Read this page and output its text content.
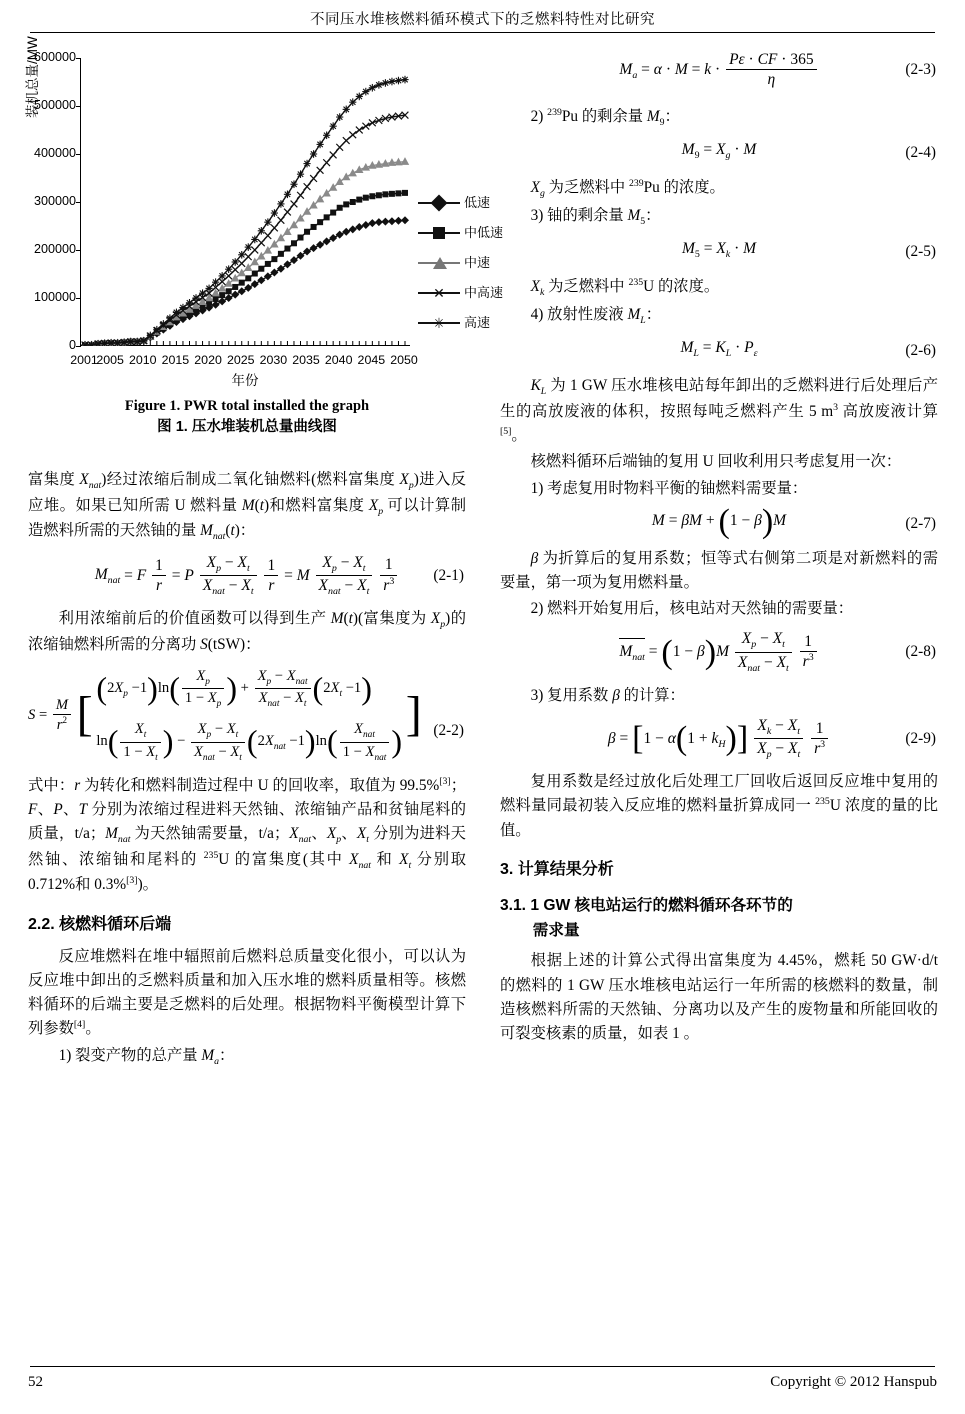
不同压水堆核燃料循环模式下的乏燃料特性对比研究
装机总量/MW
0
100000
200000
300000
400000
500000
600000
2001
2005 2010 2015 2020 2025 2030 2035 2040 2045 2050
年份
低速
中低速
中速
✕ 中高速
✳ 高速
Figure 1. PWR total installed the graph
图 1. 压水堆装机总量曲线图

富集度 $X_{nat}$)经过浓缩后制成二氧化铀燃料(燃料富集度 $X_p$)进入反应堆。如果已知所需 U 燃料量 M(t)和燃料富集度 $X_p$ 可以计算制造燃料所需的天然铀的量 $M_{nat}(t)$：

$M_{nat} = F \frac{1}{r} = P \frac{X_p - X_t}{X_{nat} - X_t}$
$\frac{1}{r} = M \frac{X_p - X_t}{X_{nat} - X_t}$
$\frac{1}{r^3} (2-1)$

利用浓缩前后的价值函数可以得到生产 M(t)(富集度为 $X_p$)的浓缩铀燃料所需的分离功 S(tSW)：

$S = \frac{M}{r^2}$ [
$(2X_p -1)\ln( \frac{X_p}{1 - X_p}$ ) + $\frac{X_p - X_{nat}}{X_{nat} - X_t} (2X_t -1)$
$\ln( \frac{X_t}{1 - X_t}$ ) − $\frac{X_p - X_t}{X_{nat} - X_t} (2X_{nat} -1)\ln( \frac{X_{nat}}{1 - X_{nat}}$ )
] (2-2)

式中：r 为转化和燃料制造过程中 U 的回收率，取值为 99.5%[3]；F、P、T 分别为浓缩过程进料天然铀、浓缩铀产品和贫铀尾料的质量，t/a；$M_{nat}$ 为天然铀需要量，t/a；$X_{nat}$、$X_p$、$X_t$ 分别为进料天然铀、浓缩铀和尾料的 $^{235}$U 的富集度(其中 $X_{nat}$ 和 $X_t$ 分别取 0.712%和 0.3%[3])。

2.2. 核燃料循环后端

反应堆燃料在堆中辐照前后燃料总质量变化很小，可以认为反应堆中卸出的乏燃料质量和加入压水堆的燃料质量相等。核燃料循环的后端主要是乏燃料的后处理。根据物料平衡模型计算下列参数[4]。

1) 裂变产物的总产量 $M_a$：

$M_a = \alpha \cdot M = k \cdot \frac{P\varepsilon \cdot CF \cdot 365}{\eta}$	(2-3)

2) $^{239}$Pu 的剩余量 $M_9$：

$M_9 = X_g \cdot M$	(2-4)

$X_g$ 为乏燃料中 $^{239}$Pu 的浓度。

3) 铀的剩余量 $M_5$：

$M_5 = X_k \cdot M$	(2-5)

$X_k$ 为乏燃料中 $^{235}$U 的浓度。

4) 放射性废液 $M_L$：

$M_L = K_L \cdot P_\varepsilon$	(2-6)

$K_L$ 为 1 GW 压水堆核电站每年卸出的乏燃料进行后处理后产生的高放废液的体积，按照每吨乏燃料产生 5 $m^3$ 高放废液计算[5]。

核燃料循环后端铀的复用 U 回收利用只考虑复用一次：

1) 考虑复用时物料平衡的铀燃料需要量：

M = βM + (1 − β)M	(2-7)

β 为折算后的复用系数；恒等式右侧第二项是对新燃料的需要量，第一项为复用燃料量。

2) 燃料开始复用后，核电站对天然铀的需要量：

$M_{nat} = (1 - \beta)M \frac{X_p - X_t}{X_{nat} - X_t}$
$\frac{1}{r^3}$	(2-8)

3) 复用系数 β 的计算：

$\beta = [1 - \alpha(1 + k_H)] \frac{X_k - X_t}{X_p - X_t}$
$\frac{1}{r^3}$	(2-9)

复用系数是经过放化后处理工厂回收后返回反应堆中复用的燃料量同最初装入反应堆的燃料量折算成同一 $^{235}$U 浓度的量的比值。

3. 计算结果分析
3.1. 1 GW 核电站运行的燃料循环各环节的
需求量

根据上述的计算公式得出富集度为 4.45%，燃耗 50 GW·d/t 的燃料的 1 GW 压水堆核电站运行一年所需的核燃料的数量，制造核燃料所需的天然铀、分离功以及产生的废物量和所能回收的可裂变核素的质量，如表 1 。

52	Copyright © 2012 Hanspub
